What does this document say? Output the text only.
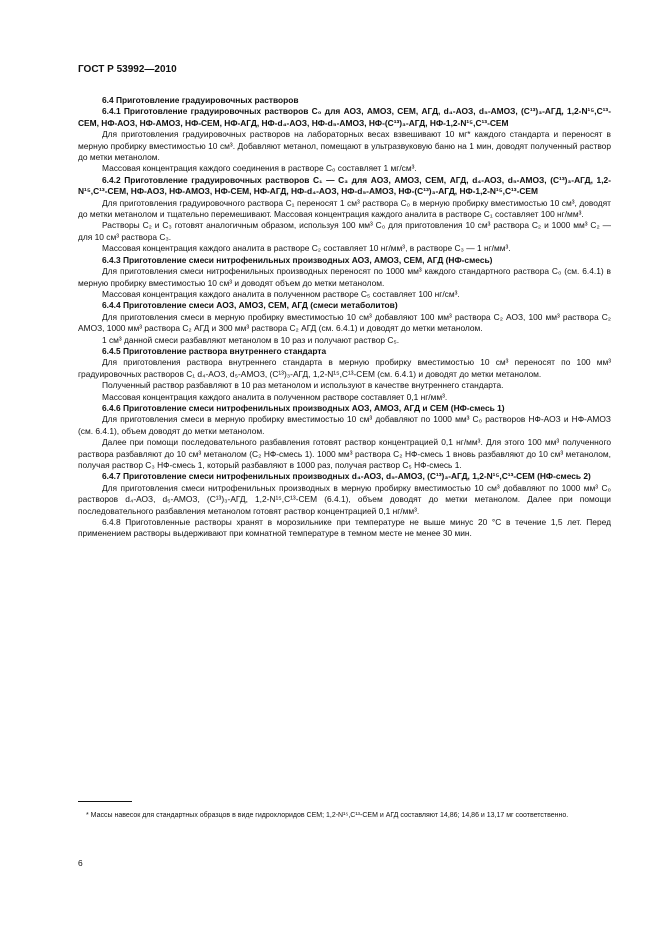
ГОСТ Р 53992—2010

6.4 Приготовление градуировочных растворов

6.4.1 Приготовление градуировочных растворов С₀ для АОЗ, АМОЗ, СЕМ, АГД, d₄-АОЗ, d₅-АМОЗ, (С¹³)₃-АГД, 1,2-N¹⁵,С¹³-СЕМ, НФ-АОЗ, НФ-АМОЗ, НФ-СЕМ, НФ-АГД, НФ-d₄-АОЗ, НФ-d₅-АМОЗ, НФ-(С¹³)₃-АГД, НФ-1,2-N¹⁵,С¹³-СЕМ

Для приготовления градуировочных растворов на лабораторных весах взвешивают 10 мг* каждого стандарта и переносят в мерную пробирку вместимостью 10 см³. Добавляют метанол, помещают в ультразвуковую баню на 1 мин, доводят полученный раствор до метки метанолом.

Массовая концентрация каждого соединения в растворе С₀ составляет 1 мг/см³.

6.4.2 Приготовление градуировочных растворов С₁ — С₃ для АОЗ, АМОЗ, СЕМ, АГД, d₄-АОЗ, d₅-АМОЗ, (С¹³)₃-АГД, 1,2-N¹⁵,С¹³-СЕМ, НФ-АОЗ, НФ-АМОЗ, НФ-СЕМ, НФ-АГД, НФ-d₄-АОЗ, НФ-d₅-АМОЗ, НФ-(С¹³)₃-АГД, НФ-1,2-N¹⁵,С¹³-СЕМ

Для приготовления градуировочного раствора С₁ переносят 1 см³ раствора С₀ в мерную пробирку вместимостью 10 см³, доводят до метки метанолом и тщательно перемешивают. Массовая концентрация каждого аналита в растворе С₁ составляет 100 нг/мм³.

Растворы С₂ и С₃ готовят аналогичным образом, используя 100 мм³ С₀ для приготовления 10 см³ раствора С₂ и 1000 мм³ С₂ — для 10 см³ раствора С₃.

Массовая концентрация каждого аналита в растворе С₂ составляет 10 нг/мм³, в растворе С₃ — 1 нг/мм³.

6.4.3 Приготовление смеси нитрофенильных производных АОЗ, АМОЗ, СЕМ, АГД (НФ-смесь)

Для приготовления смеси нитрофенильных производных переносят по 1000 мм³ каждого стандартного раствора С₀ (см. 6.4.1) в мерную пробирку вместимостью 10 см³ и доводят объем до метки метанолом.

Массовая концентрация каждого аналита в полученном растворе С₅ составляет 100 нг/см³.

6.4.4 Приготовление смеси АОЗ, АМОЗ, СЕМ, АГД (смеси метаболитов)

Для приготовления смеси в мерную пробирку вместимостью 10 см³ добавляют 100 мм³ раствора С₂ АОЗ, 100 мм³ раствора С₂ АМОЗ, 1000 мм³ раствора С₂ АГД и 300 мм³ раствора С₂ АГД (см. 6.4.1) и доводят до метки метанолом.

1 см³ данной смеси разбавляют метанолом в 10 раз и получают раствор С₅.

6.4.5 Приготовление раствора внутреннего стандарта

Для приготовления раствора внутреннего стандарта в мерную пробирку вместимостью 10 см³ переносят по 100 мм³ градуировочных растворов С₁ d₄-АОЗ, d₅-АМОЗ, (С¹³)₃-АГД, 1,2-N¹⁵,С¹³-СЕМ (см. 6.4.1) и доводят до метки метанолом.

Полученный раствор разбавляют в 10 раз метанолом и используют в качестве внутреннего стандарта.

Массовая концентрация каждого аналита в полученном растворе составляет 0,1 нг/мм³.

6.4.6 Приготовление смеси нитрофенильных производных АОЗ, АМОЗ, АГД и СЕМ (НФ-смесь 1)

Для приготовления смеси в мерную пробирку вместимостью 10 см³ добавляют по 1000 мм³ С₀ растворов НФ-АОЗ и НФ-АМОЗ (см. 6.4.1), объем доводят до метки метанолом.

Далее при помощи последовательного разбавления готовят раствор концентрацией 0,1 нг/мм³. Для этого 100 мм³ полученного раствора разбавляют до 10 см³ метанолом (С₂ НФ-смесь 1). 1000 мм³ раствора С₂ НФ-смесь 1 вновь разбавляют до 10 см³ метанолом, получая раствор С₃ НФ-смесь 1, который разбавляют в 1000 раз, получая раствор С₅ НФ-смесь 1.

6.4.7 Приготовление смеси нитрофенильных производных d₄-АОЗ, d₅-АМОЗ, (С¹³)₃-АГД, 1,2-N¹⁵,С¹³-СЕМ (НФ-смесь 2)

Для приготовления смеси нитрофенильных производных в мерную пробирку вместимостью 10 см³ добавляют по 1000 мм³ С₀ растворов d₄-АОЗ, d₅-АМОЗ, (С¹³)₃-АГД, 1,2-N¹⁵,С¹³-СЕМ (6.4.1), объем доводят до метки метанолом. Далее при помощи последовательного разбавления метанолом готовят раствор концентрацией 0,1 нг/мм³.

6.4.8 Приготовленные растворы хранят в морозильнике при температуре не выше минус 20 °С в течение 1,5 лет. Перед применением растворы выдерживают при комнатной температуре в темном месте не менее 30 мин.

* Массы навесок для стандартных образцов в виде гидрохлоридов СЕМ; 1,2-N¹⁵,С¹³-СЕМ и АГД составляют 14,86; 14,86 и 13,17 мг соответственно.
6
